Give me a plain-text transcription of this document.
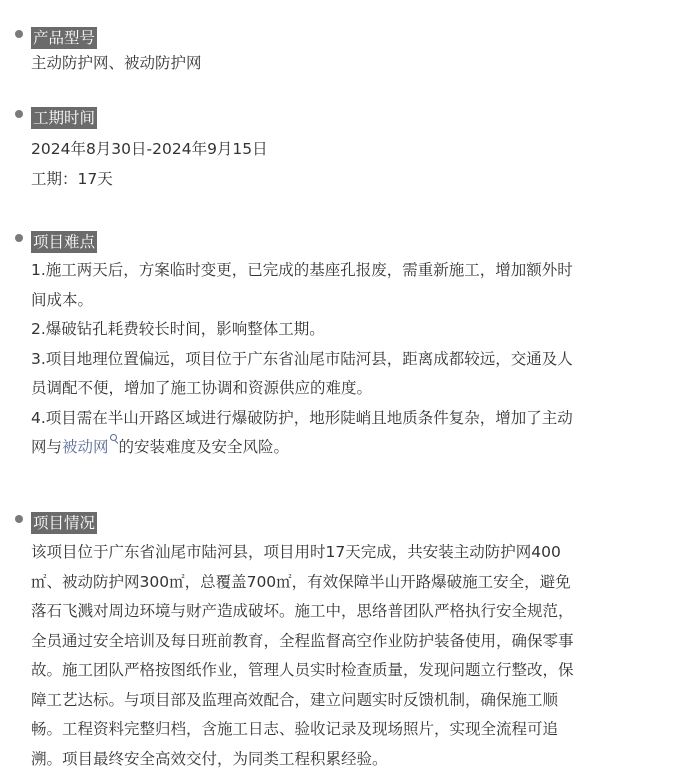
产品型号
主动防护网、被动防护网
工期时间
2024年8月30日-2024年9月15日
工期：17天
项目难点
1.施工两天后，方案临时变更，已完成的基座孔报废，需重新施工，增加额外时
间成本。
2.爆破钻孔耗费较长时间，影响整体工期。
3.项目地理位置偏远，项目位于广东省汕尾市陆河县，距离成都较远，交通及人
员调配不便，增加了施工协调和资源供应的难度。
4.项目需在半山开路区域进行爆破防护，地形陡峭且地质条件复杂，增加了主动
网与被动网 的安装难度及安全风险。
项目情况
该项目位于广东省汕尾市陆河县，项目用时17天完成，共安装主动防护网400
㎡、被动防护网300㎡，总覆盖700㎡，有效保障半山开路爆破施工安全，避免
落石飞溅对周边环境与财产造成破坏。施工中，思络普团队严格执行安全规范，
全员通过安全培训及每日班前教育，全程监督高空作业防护装备使用，确保零事
故。施工团队严格按图纸作业，管理人员实时检查质量，发现问题立行整改，保
障工艺达标。与项目部及监理高效配合，建立问题实时反馈机制，确保施工顺
畅。工程资料完整归档，含施工日志、验收记录及现场照片，实现全流程可追
溯。项目最终安全高效交付，为同类工程积累经验。
